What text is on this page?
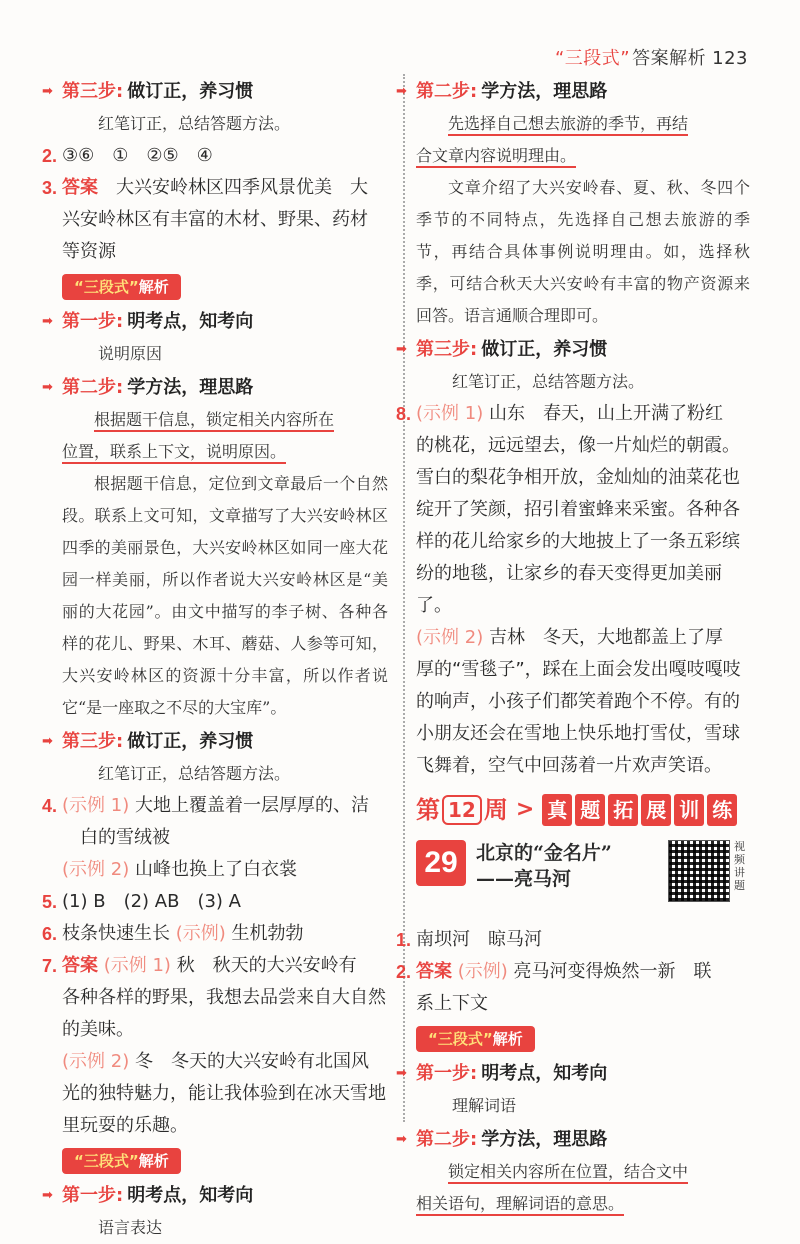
“三段式” 答案解析 123
➡ 第三步: 做订正，养习惯
红笔订正，总结答题方法。
2. ③⑥　①　②⑤　④
3. 答案　 大兴安岭林区四季风景优美　大
兴安岭林区有丰富的木材、野果、药材
等资源
“三段式”解析
➡ 第一步: 明考点，知考向
说明原因
➡ 第二步: 学方法，理思路
根据题干信息，锁定相关内容所在
位置，联系上下文，说明原因。
根据题干信息，定位到文章最后一个自然段。联系上文可知，文章描写了大兴安岭林区四季的美丽景色，大兴安岭林区如同一座大花园一样美丽，所以作者说大兴安岭林区是“美丽的大花园”。由文中描写的李子树、各种各样的花儿、野果、木耳、蘑菇、人参等可知，大兴安岭林区的资源十分丰富，所以作者说它“是一座取之不尽的大宝库”。
➡ 第三步: 做订正，养习惯
红笔订正，总结答题方法。
4. (示例 1) 大地上覆盖着一层厚厚的、洁
白的雪绒被
(示例 2) 山峰也换上了白衣裳
5. (1) B　(2) AB　(3) A
6. 枝条快速生长 (示例) 生机勃勃
7. 答案 (示例 1) 秋　秋天的大兴安岭有
各种各样的野果，我想去品尝来自大自然的美味。
(示例 2) 冬　冬天的大兴安岭有北国风
光的独特魅力，能让我体验到在冰天雪地里玩耍的乐趣。
“三段式”解析
➡ 第一步: 明考点，知考向
语言表达
➡ 第二步: 学方法，理思路
先选择自己想去旅游的季节，再结
合文章内容说明理由。
文章介绍了大兴安岭春、夏、秋、冬四个季节的不同特点，先选择自己想去旅游的季节，再结合具体事例说明理由。如，选择秋季，可结合秋天大兴安岭有丰富的物产资源来回答。语言通顺合理即可。
➡ 第三步: 做订正，养习惯
红笔订正，总结答题方法。
8. (示例 1) 山东　春天，山上开满了粉红
的桃花，远远望去，像一片灿烂的朝霞。雪白的梨花争相开放，金灿灿的油菜花也绽开了笑颜，招引着蜜蜂来采蜜。各种各样的花儿给家乡的大地披上了一条五彩缤纷的地毯，让家乡的春天变得更加美丽了。
(示例 2) 吉林　冬天，大地都盖上了厚
厚的“雪毯子”，踩在上面会发出嘎吱嘎吱的响声，小孩子们都笑着跑个不停。有的小朋友还会在雪地上快乐地打雪仗，雪球飞舞着，空气中回荡着一片欢声笑语。
第 12 周 > 真 题 拓 展 训 练
29 北京的“金名片”
——亮马河
视频讲题
1. 南坝河　晾马河
2. 答案 (示例) 亮马河变得焕然一新　联
系上下文
“三段式”解析
➡ 第一步: 明考点，知考向
理解词语
➡ 第二步: 学方法，理思路
锁定相关内容所在位置，结合文中
相关语句，理解词语的意思。
